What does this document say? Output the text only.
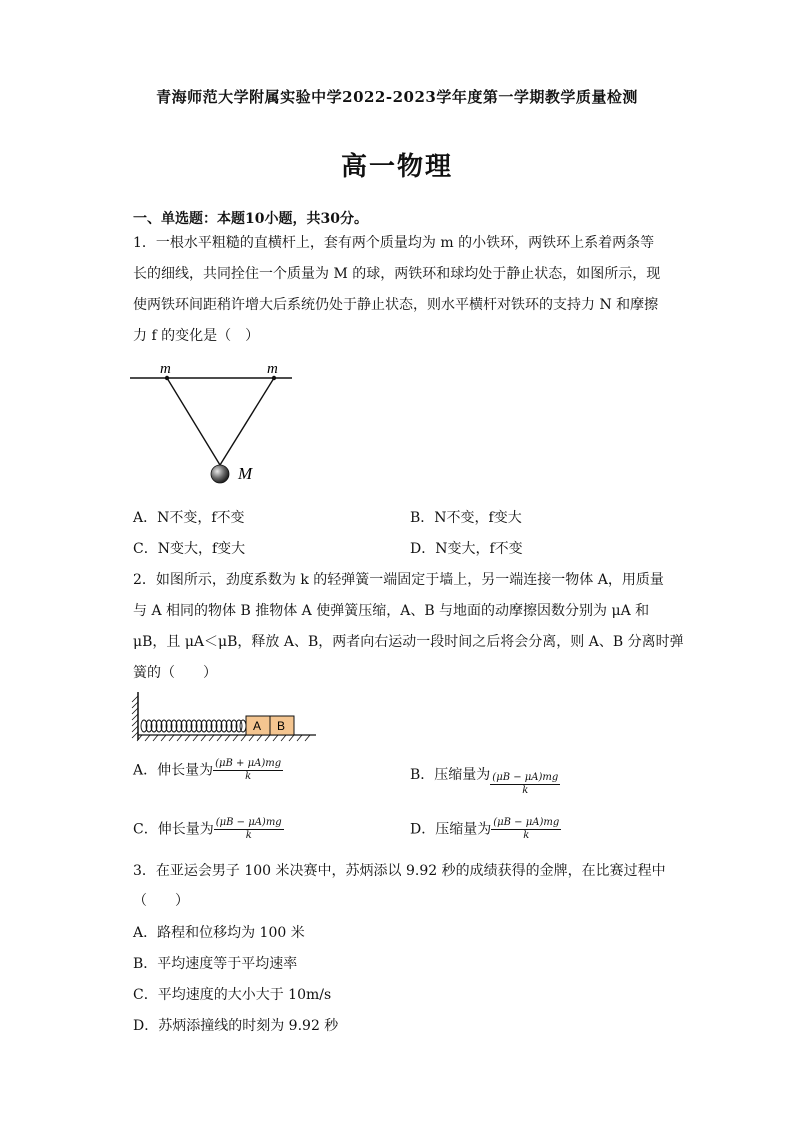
青海师范大学附属实验中学2022-2023学年度第一学期教学质量检测
高一物理
一、单选题：本题10小题，共30分。
1．一根水平粗糙的直横杆上，套有两个质量均为 m 的小铁环，两铁环上系着两条等
长的细线，共同拴住一个质量为 M 的球，两铁环和球均处于静止状态，如图所示，现
使两铁环间距稍许增大后系统仍处于静止状态，则水平横杆对铁环的支持力 N 和摩擦
力 f 的变化是（　）
m	m
M
A．N不变，f不变	B．N不变，f变大
C．N变大，f变大	D．N变大，f不变
2．如图所示，劲度系数为 k 的轻弹簧一端固定于墙上，另一端连接一物体 A，用质量
与 A 相同的物体 B 推物体 A 使弹簧压缩，A、B 与地面的动摩擦因数分别为 μA 和
μB，且 μA＜μB，释放 A、B，两者向右运动一段时间之后将会分离，则 A、B 分离时弹
簧的（　　）
A B
A．伸长量为 $\frac{(\mu B + \mu A)mg}{k}$	B．压缩量为 $\frac{(\mu B - \mu A)mg}{k}$
C．伸长量为 $\frac{(\mu B - \mu A)mg}{k}$	D．压缩量为 $\frac{(\mu B - \mu A)mg}{k}$
3．在亚运会男子 100 米决赛中，苏炳添以 9.92 秒的成绩获得的金牌，在比赛过程中
（　　）
A．路程和位移均为 100 米
B．平均速度等于平均速率
C．平均速度的大小大于 10m/s
D．苏炳添撞线的时刻为 9.92 秒
